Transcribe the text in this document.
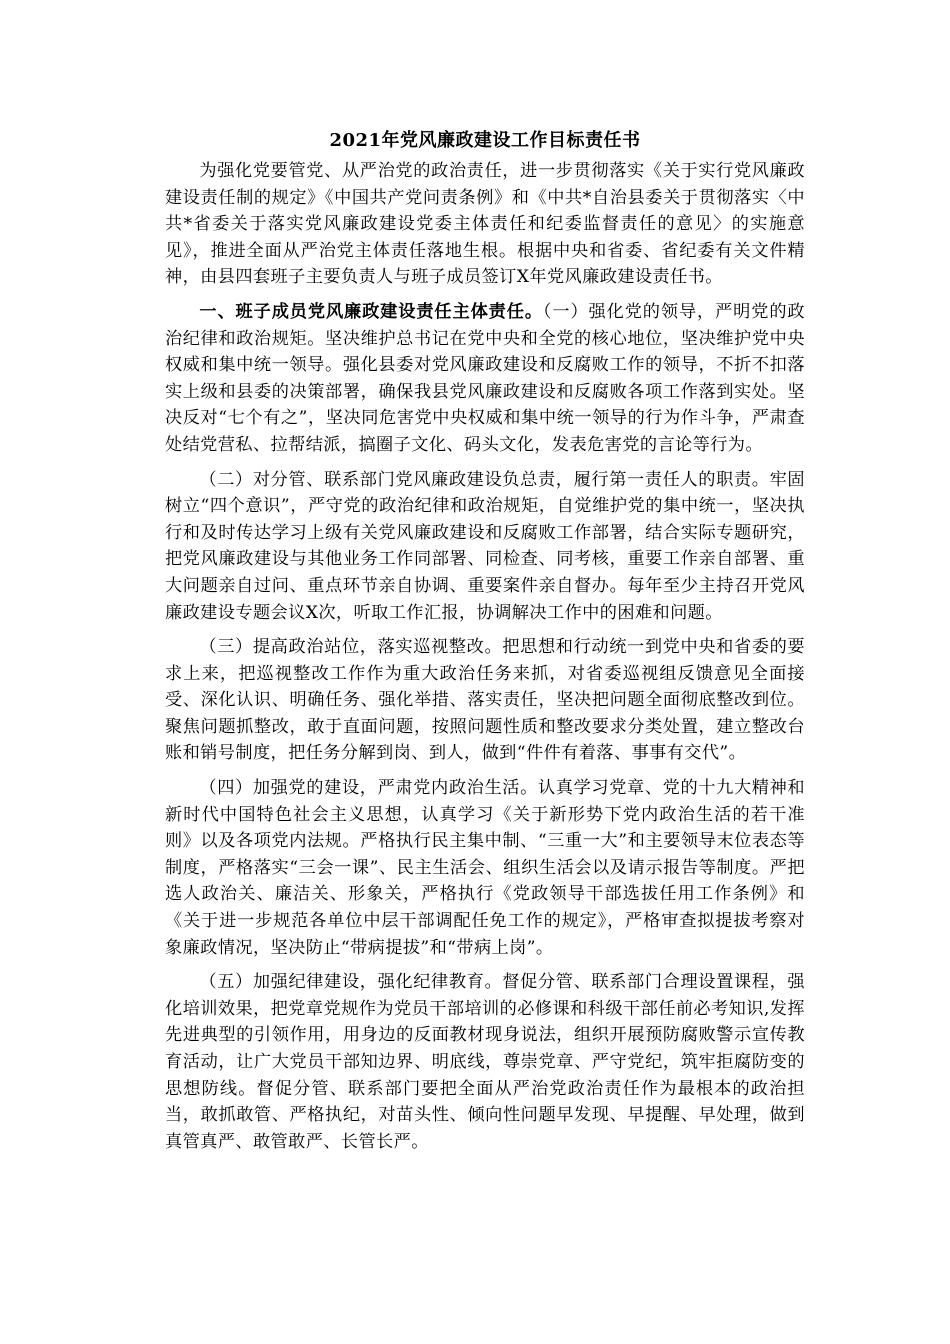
2021年党风廉政建设工作目标责任书

为强化党要管党、从严治党的政治责任，进一步贯彻落实《关于实行党风廉政建设责任制的规定》《中国共产党问责条例》和《中共*自治县委关于贯彻落实〈中共*省委关于落实党风廉政建设党委主体责任和纪委监督责任的意见〉的实施意见》，推进全面从严治党主体责任落地生根。根据中央和省委、省纪委有关文件精神，由县四套班子主要负责人与班子成员签订X年党风廉政建设责任书。

一、班子成员党风廉政建设责任主体责任。（一）强化党的领导，严明党的政治纪律和政治规矩。坚决维护总书记在党中央和全党的核心地位，坚决维护党中央权威和集中统一领导。强化县委对党风廉政建设和反腐败工作的领导，不折不扣落实上级和县委的决策部署，确保我县党风廉政建设和反腐败各项工作落到实处。坚决反对“七个有之”，坚决同危害党中央权威和集中统一领导的行为作斗争，严肃查处结党营私、拉帮结派，搞圈子文化、码头文化，发表危害党的言论等行为。

（二）对分管、联系部门党风廉政建设负总责，履行第一责任人的职责。牢固树立“四个意识”，严守党的政治纪律和政治规矩，自觉维护党的集中统一，坚决执行和及时传达学习上级有关党风廉政建设和反腐败工作部署，结合实际专题研究，把党风廉政建设与其他业务工作同部署、同检查、同考核，重要工作亲自部署、重大问题亲自过问、重点环节亲自协调、重要案件亲自督办。每年至少主持召开党风廉政建设专题会议X次，听取工作汇报，协调解决工作中的困难和问题。

（三）提高政治站位，落实巡视整改。把思想和行动统一到党中央和省委的要求上来，把巡视整改工作作为重大政治任务来抓，对省委巡视组反馈意见全面接受、深化认识、明确任务、强化举措、落实责任，坚决把问题全面彻底整改到位。聚焦问题抓整改，敢于直面问题，按照问题性质和整改要求分类处置，建立整改台账和销号制度，把任务分解到岗、到人，做到“件件有着落、事事有交代”。

（四）加强党的建设，严肃党内政治生活。认真学习党章、党的十九大精神和新时代中国特色社会主义思想，认真学习《关于新形势下党内政治生活的若干准则》以及各项党内法规。严格执行民主集中制、“三重一大”和主要领导末位表态等制度，严格落实“三会一课”、民主生活会、组织生活会以及请示报告等制度。严把选人政治关、廉洁关、形象关，严格执行《党政领导干部选拔任用工作条例》和《关于进一步规范各单位中层干部调配任免工作的规定》，严格审查拟提拔考察对象廉政情况，坚决防止“带病提拔”和“带病上岗”。

（五）加强纪律建设，强化纪律教育。督促分管、联系部门合理设置课程，强化培训效果，把党章党规作为党员干部培训的必修课和科级干部任前必考知识,发挥先进典型的引领作用，用身边的反面教材现身说法，组织开展预防腐败警示宣传教育活动，让广大党员干部知边界、明底线，尊崇党章、严守党纪，筑牢拒腐防变的思想防线。督促分管、联系部门要把全面从严治党政治责任作为最根本的政治担当，敢抓敢管、严格执纪，对苗头性、倾向性问题早发现、早提醒、早处理，做到真管真严、敢管敢严、长管长严。
